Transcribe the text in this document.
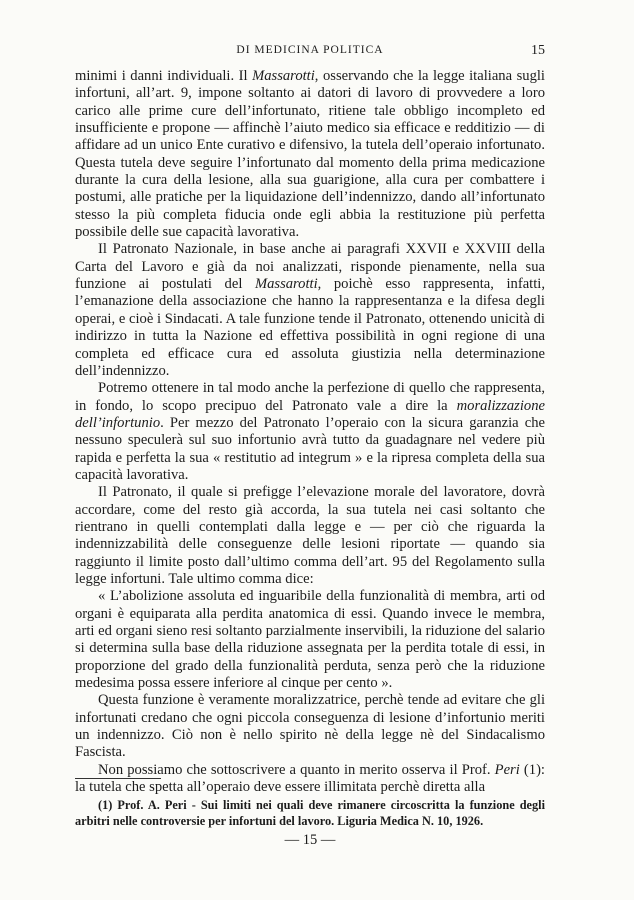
DI MEDICINA POLITICA	15

minimi i danni individuali. Il Massarotti, osservando che la legge italiana sugli infortuni, all’art. 9, impone soltanto ai datori di lavoro di provvedere a loro carico alle prime cure dell’infortunato, ritiene tale obbligo incompleto ed insufficiente e propone — affinchè l’aiuto medico sia efficace e redditizio — di affidare ad un unico Ente curativo e difensivo, la tutela dell’operaio infortunato. Questa tutela deve seguire l’infortunato dal momento della prima medicazione durante la cura della lesione, alla sua guarigione, alla cura per combattere i postumi, alle pratiche per la liquidazione dell’indennizzo, dando all’infortunato stesso la più completa fiducia onde egli abbia la restituzione più perfetta possibile delle sue capacità lavorativa.

Il Patronato Nazionale, in base anche ai paragrafi XXVII e XXVIII della Carta del Lavoro e già da noi analizzati, risponde pienamente, nella sua funzione ai postulati del Massarotti, poichè esso rappresenta, infatti, l’emanazione della associazione che hanno la rappresentanza e la difesa degli operai, e cioè i Sindacati. A tale funzione tende il Patronato, ottenendo unicità di indirizzo in tutta la Nazione ed effettiva possibilità in ogni regione di una completa ed efficace cura ed assoluta giustizia nella determinazione dell’indennizzo.

Potremo ottenere in tal modo anche la perfezione di quello che rappresenta, in fondo, lo scopo precipuo del Patronato vale a dire la moralizzazione dell’infortunio. Per mezzo del Patronato l’operaio con la sicura garanzia che nessuno speculerà sul suo infortunio avrà tutto da guadagnare nel vedere più rapida e perfetta la sua « restitutio ad integrum » e la ripresa completa della sua capacità lavorativa.

Il Patronato, il quale si prefigge l’elevazione morale del lavoratore, dovrà accordare, come del resto già accorda, la sua tutela nei casi soltanto che rientrano in quelli contemplati dalla legge e — per ciò che riguarda la indennizzabilità delle conseguenze delle lesioni riportate — quando sia raggiunto il limite posto dall’ultimo comma dell’art. 95 del Regolamento sulla legge infortuni. Tale ultimo comma dice:

« L’abolizione assoluta ed inguaribile della funzionalità di membra, arti od organi è equiparata alla perdita anatomica di essi. Quando invece le membra, arti ed organi sieno resi soltanto parzialmente inservibili, la riduzione del salario si determina sulla base della riduzione assegnata per la perdita totale di essi, in proporzione del grado della funzionalità perduta, senza però che la riduzione medesima possa essere inferiore al cinque per cento ».

Questa funzione è veramente moralizzatrice, perchè tende ad evitare che gli infortunati credano che ogni piccola conseguenza di lesione d’infortunio meriti un indennizzo. Ciò non è nello spirito nè della legge nè del Sindacalismo Fascista.

Non possiamo che sottoscrivere a quanto in merito osserva il Prof. Peri (1): la tutela che spetta all’operaio deve essere illimitata perchè diretta alla

(1) Prof. A. Peri - Sui limiti nei quali deve rimanere circoscritta la funzione degli arbitri nelle controversie per infortuni del lavoro. Liguria Medica N. 10, 1926.
— 15 —
